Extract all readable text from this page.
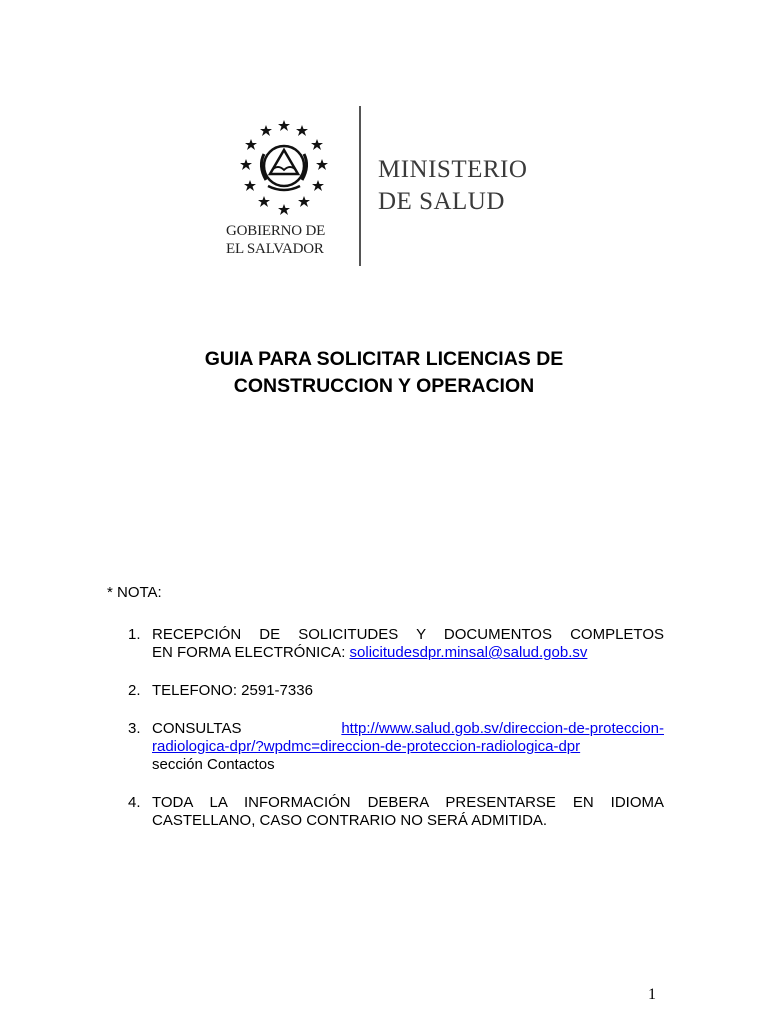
GOBIERNO DE
EL SALVADOR
MINISTERIO
DE SALUD
GUIA PARA SOLICITAR LICENCIAS DE
CONSTRUCCION Y OPERACION
* NOTA:
1. RECEPCIÓN DE SOLICITUDES Y DOCUMENTOS COMPLETOS
EN FORMA ELECTRÓNICA: solicitudesdpr.minsal@salud.gob.sv
2. TELEFONO: 2591-7336
3. CONSULTAS	http://www.salud.gob.sv/direccion-de-proteccion-
radiologica-dpr/?wpdmc=direccion-de-proteccion-radiologica-dpr
sección Contactos
4. TODA LA INFORMACIÓN DEBERA PRESENTARSE EN IDIOMA
CASTELLANO, CASO CONTRARIO NO SERÁ ADMITIDA.
1
